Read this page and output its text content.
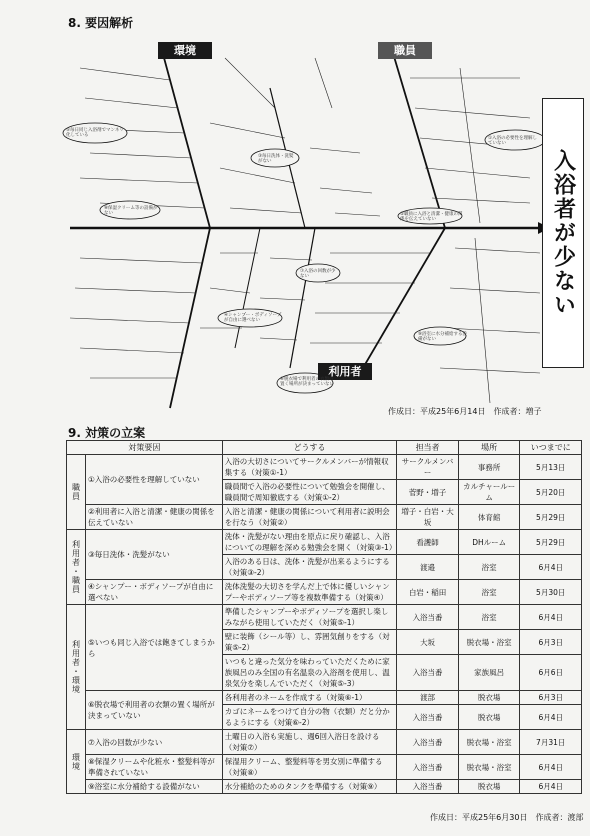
8. 要因解析
環境	職員
利用者
⑤毎日同じ入浴剤でマンネリ化している
⑧保湿クリーム等の設備がない	②職員に入浴と清潔・健康の関係を伝えていない
③毎日洗体・洗髪がない
①入浴の必要性を理解していない
④シャンプー・ボディソープが自由に選べない
⑦入浴の回数が少ない
⑥脱衣場で利用者の衣類の置く場所が決まっていない
⑨浴室に水分補給する設備がない
入浴者が少ない
作成日：平成25年6月14日　作成者：増子
9. 対策の立案
対策要因		どうする	担当者	場所	いつまでに
職員	①入浴の必要性を理解していない	入浴の大切さについてサークルメンバーが情報収集する（対策①-1）	サークルメンバー	事務所	5月13日
		職員間で入浴の必要性について勉強会を開催し、職員間で周知徹底する（対策①-2）	菅野・増子	カルチャールーム	5月20日
	②利用者に入浴と清潔・健康の関係を伝えていない	入浴と清潔・健康の関係について利用者に説明会を行なう（対策②）	増子・白岩・大坂	体育館	5月29日
利用者・職員	③毎日洗体・洗髪がない	洗体・洗髪がない理由を原点に戻り確認し、入浴についての理解を深める勉強会を開く（対策③-1）	看護師	DHルーム	5月29日
		入浴のある日は、洗体・洗髪が出来るようにする（対策③-2）	渡邉	浴室	6月4日
	④シャンプー・ボディソープが自由に選べない	洗体洗髪の大切さを学んだ上で体に優しいシャンプーやボディソープ等を複数準備する（対策④）	白岩・稲田	浴室	5月30日
利用者・環境	⑤いつも同じ入浴では飽きてしまうから	準備したシャンプーやボディソープを選択し楽しみながら使用していただく（対策⑤-1）	入浴当番	浴室	6月4日
		壁に装飾（シール等）し、雰囲気創りをする（対策⑤-2）	大坂	脱衣場・浴室	6月3日
		いつもと違った気分を味わっていただくために家族風呂のみ全国の有名温泉の入浴剤を使用し、温泉気分を楽しんでいただく（対策⑤-3）	入浴当番	家族風呂	6月6日
	⑥脱衣場で利用者の衣類の置く場所が決まっていない	各利用者のネームを作成する（対策⑥-1）	渡部	脱衣場	6月3日
		カゴにネームをつけて自分の物（衣類）だと分かるようにする（対策⑥-2）	入浴当番	脱衣場	6月4日
環境	⑦入浴の回数が少ない	土曜日の入浴も実施し、週6回入浴日を設ける（対策⑦）	入浴当番	脱衣場・浴室	7月31日
	⑧保湿クリームや化粧水・整髪料等が準備されていない	保湿用クリーム、整髪料等を男女別に準備する（対策⑧）	入浴当番	脱衣場・浴室	6月4日
	⑨浴室に水分補給する設備がない	水分補給のためのタンクを準備する（対策⑨）	入浴当番	脱衣場	6月4日
作成日：平成25年6月30日　作成者：渡部
